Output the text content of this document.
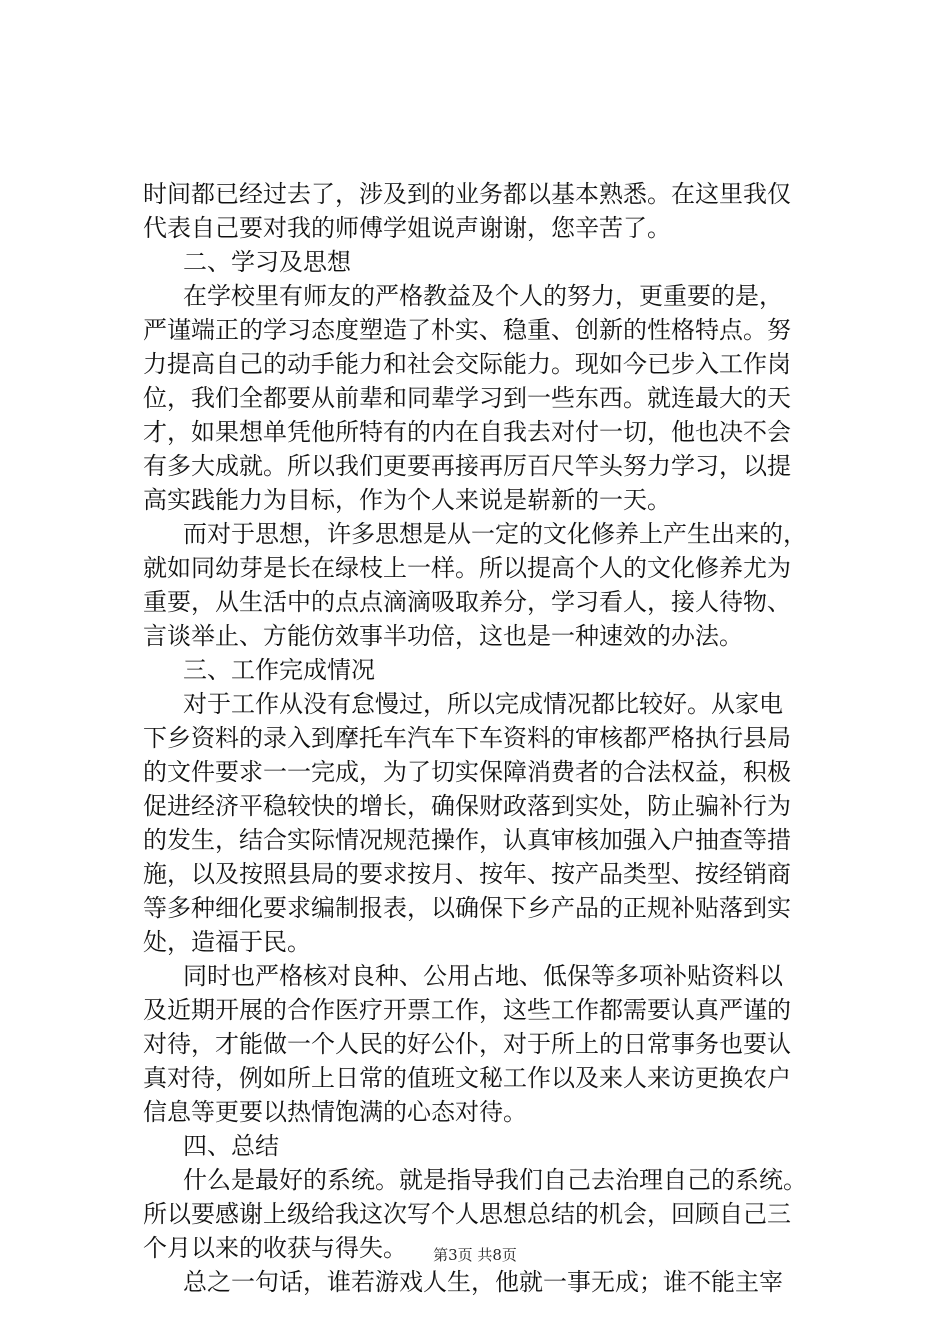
时间都已经过去了，涉及到的业务都以基本熟悉。在这里我仅
代表自己要对我的师傅学姐说声谢谢，您辛苦了。
二、学习及思想
在学校里有师友的严格教益及个人的努力，更重要的是，
严谨端正的学习态度塑造了朴实、稳重、创新的性格特点。努
力提高自己的动手能力和社会交际能力。现如今已步入工作岗
位，我们全都要从前辈和同辈学习到一些东西。就连最大的天
才，如果想单凭他所特有的内在自我去对付一切，他也决不会
有多大成就。所以我们更要再接再厉百尺竿头努力学习，以提
高实践能力为目标，作为个人来说是崭新的一天。
而对于思想，许多思想是从一定的文化修养上产生出来的，
就如同幼芽是长在绿枝上一样。所以提高个人的文化修养尤为
重要，从生活中的点点滴滴吸取养分，学习看人，接人待物、
言谈举止、方能仿效事半功倍，这也是一种速效的办法。
三、工作完成情况
对于工作从没有怠慢过，所以完成情况都比较好。从家电
下乡资料的录入到摩托车汽车下车资料的审核都严格执行县局
的文件要求一一完成，为了切实保障消费者的合法权益，积极
促进经济平稳较快的增长，确保财政落到实处，防止骗补行为
的发生，结合实际情况规范操作，认真审核加强入户抽查等措
施，以及按照县局的要求按月、按年、按产品类型、按经销商
等多种细化要求编制报表，以确保下乡产品的正规补贴落到实
处，造福于民。
同时也严格核对良种、公用占地、低保等多项补贴资料以
及近期开展的合作医疗开票工作，这些工作都需要认真严谨的
对待，才能做一个人民的好公仆，对于所上的日常事务也要认
真对待，例如所上日常的值班文秘工作以及来人来访更换农户
信息等更要以热情饱满的心态对待。
四、总结
什么是最好的系统。就是指导我们自己去治理自己的系统。
所以要感谢上级给我这次写个人思想总结的机会，回顾自己三
个月以来的收获与得失。
总之一句话，谁若游戏人生，他就一事无成；谁不能主宰
第3页 共8页
